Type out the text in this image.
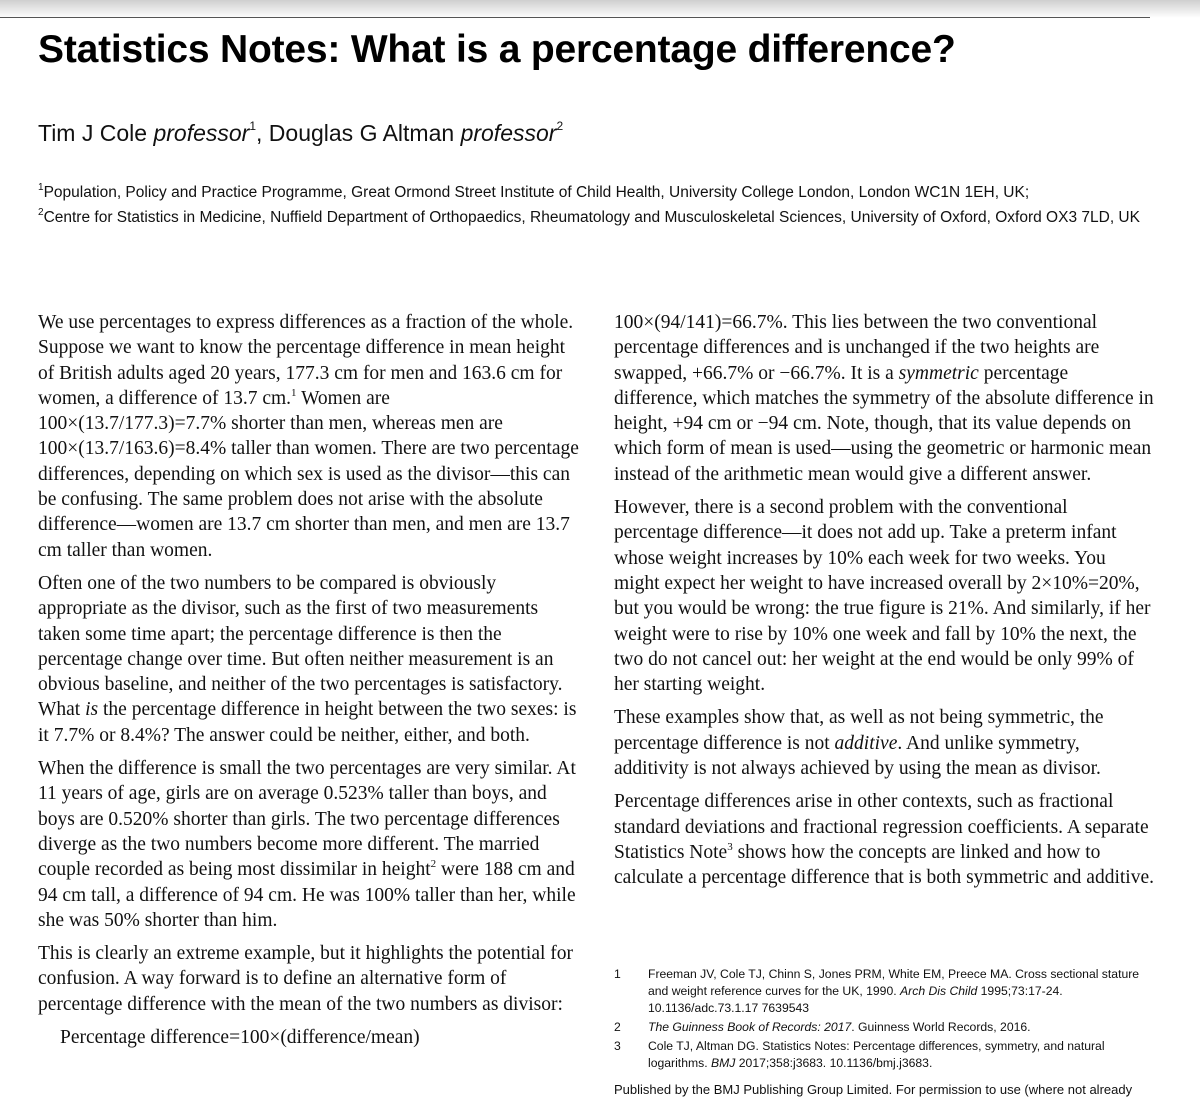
Statistics Notes: What is a percentage difference?
Tim J Cole professor$^1$, Douglas G Altman professor$^2$

$^1$Population, Policy and Practice Programme, Great Ormond Street Institute of Child Health, University College London, London WC1N 1EH, UK;

$^2$Centre for Statistics in Medicine, Nuffield Department of Orthopaedics, Rheumatology and Musculoskeletal Sciences, University of Oxford, Oxford OX3 7LD, UK

We use percentages to express differences as a fraction of the whole. Suppose we want to know the percentage difference in mean height of British adults aged 20 years, 177.3 cm for men and 163.6 cm for women, a difference of 13.7 cm.$^1$ Women are 100×(13.7/177.3)=7.7% shorter than men, whereas men are 100×(13.7/163.6)=8.4% taller than women. There are two percentage differences, depending on which sex is used as the divisor—this can be confusing. The same problem does not arise with the absolute difference—women are 13.7 cm shorter than men, and men are 13.7 cm taller than women.

Often one of the two numbers to be compared is obviously appropriate as the divisor, such as the first of two measurements taken some time apart; the percentage difference is then the percentage change over time. But often neither measurement is an obvious baseline, and neither of the two percentages is satisfactory. What is the percentage difference in height between the two sexes: is it 7.7% or 8.4%? The answer could be neither, either, and both.

When the difference is small the two percentages are very similar. At 11 years of age, girls are on average 0.523% taller than boys, and boys are 0.520% shorter than girls. The two percentage differences diverge as the two numbers become more different. The married couple recorded as being most dissimilar in height$^2$ were 188 cm and 94 cm tall, a difference of 94 cm. He was 100% taller than her, while she was 50% shorter than him.

This is clearly an extreme example, but it highlights the potential for confusion. A way forward is to define an alternative form of percentage difference with the mean of the two numbers as divisor:

Percentage difference=100×(difference/mean)

100×(94/141)=66.7%. This lies between the two conventional percentage differences and is unchanged if the two heights are swapped, +66.7% or −66.7%. It is a symmetric percentage difference, which matches the symmetry of the absolute difference in height, +94 cm or −94 cm. Note, though, that its value depends on which form of mean is used—using the geometric or harmonic mean instead of the arithmetic mean would give a different answer.

However, there is a second problem with the conventional percentage difference—it does not add up. Take a preterm infant whose weight increases by 10% each week for two weeks. You might expect her weight to have increased overall by 2×10%=20%, but you would be wrong: the true figure is 21%. And similarly, if her weight were to rise by 10% one week and fall by 10% the next, the two do not cancel out: her weight at the end would be only 99% of her starting weight.

These examples show that, as well as not being symmetric, the percentage difference is not additive. And unlike symmetry, additivity is not always achieved by using the mean as divisor.

Percentage differences arise in other contexts, such as fractional standard deviations and fractional regression coefficients. A separate Statistics Note$^3$ shows how the concepts are linked and how to calculate a percentage difference that is both symmetric and additive.

1	Freeman JV, Cole TJ, Chinn S, Jones PRM, White EM, Preece MA. Cross sectional stature and weight reference curves for the UK, 1990. Arch Dis Child 1995;73:17-24. 10.1136/adc.73.1.17 7639543
2	The Guinness Book of Records: 2017. Guinness World Records, 2016.
3	Cole TJ, Altman DG. Statistics Notes: Percentage differences, symmetry, and natural logarithms. BMJ 2017;358:j3683. 10.1136/bmj.j3683.
Published by the BMJ Publishing Group Limited. For permission to use (where not already
